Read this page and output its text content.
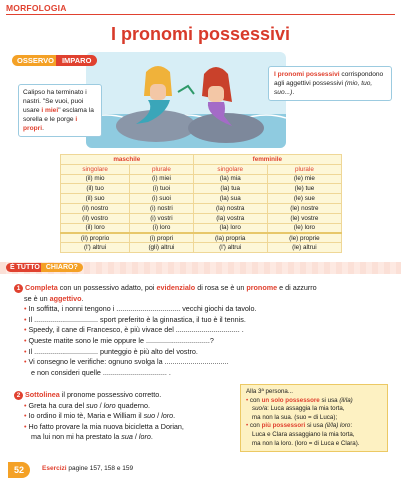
MORFOLOGIA
I pronomi possessivi
OSSERVO IMPARO
Calipso ha terminato i nastri. "Se vuoi, puoi usare i miei" esclama la sorella e le porge i propri.
I pronomi possessivi corrispondono agli aggettivi possessivi (mio, tuo, suo...).
maschile		femminile	
singolare	plurale	singolare	plurale
(il) mio	(i) miei	(la) mia	(le) mie
(il) tuo	(i) tuoi	(la) tua	(le) tue
(il) suo	(i) suoi	(la) sua	(le) sue
(il) nostro	(i) nostri	(la) nostra	(le) nostre
(il) vostro	(i) vostri	(la) vostra	(le) vostre
(il) loro	(i) loro	(la) loro	(le) loro
(il) proprio	(i) propri	(la) propria	(le) proprie
(l') altrui	(gli) altrui	(l') altrui	(le) altrui
È TUTTO CHIARO?
1 Completa con un possessivo adatto, poi evidenzialo di rosa se è un pronome e di azzurro
se è un aggettivo.
• In soffitta, i nonni tengono i ................................ vecchi giochi da tavolo.
• Il ................................ sport preferito è la ginnastica, il tuo è il tennis.
• Speedy, il cane di Francesco, è più vivace del ................................ .
• Queste matite sono le mie oppure le ................................?
• Il ................................ punteggio è più alto del vostro.
• Vi consegno le verifiche: ognuno svolga la ................................
e non consideri quelle ................................ .
2 Sottolinea il pronome possessivo corretto.
• Greta ha cura del suo / loro quaderno.
• Io ordino il mio tè, Maria e William il suo / loro.
• Ho fatto provare la mia nuova bicicletta a Dorian,
ma lui non mi ha prestato la sua / loro.
Alla 3ª persona...
• con un solo possessore si usa (il/la)
suo/a: Luca assaggia la mia torta,
ma non la sua. (suo = di Luca);
• con più possessori si usa (il/la) loro:
Luca e Clara assaggiano la mia torta,
ma non la loro. (loro = di Luca e Clara).
52	Esercizi pagine 157, 158 e 159
